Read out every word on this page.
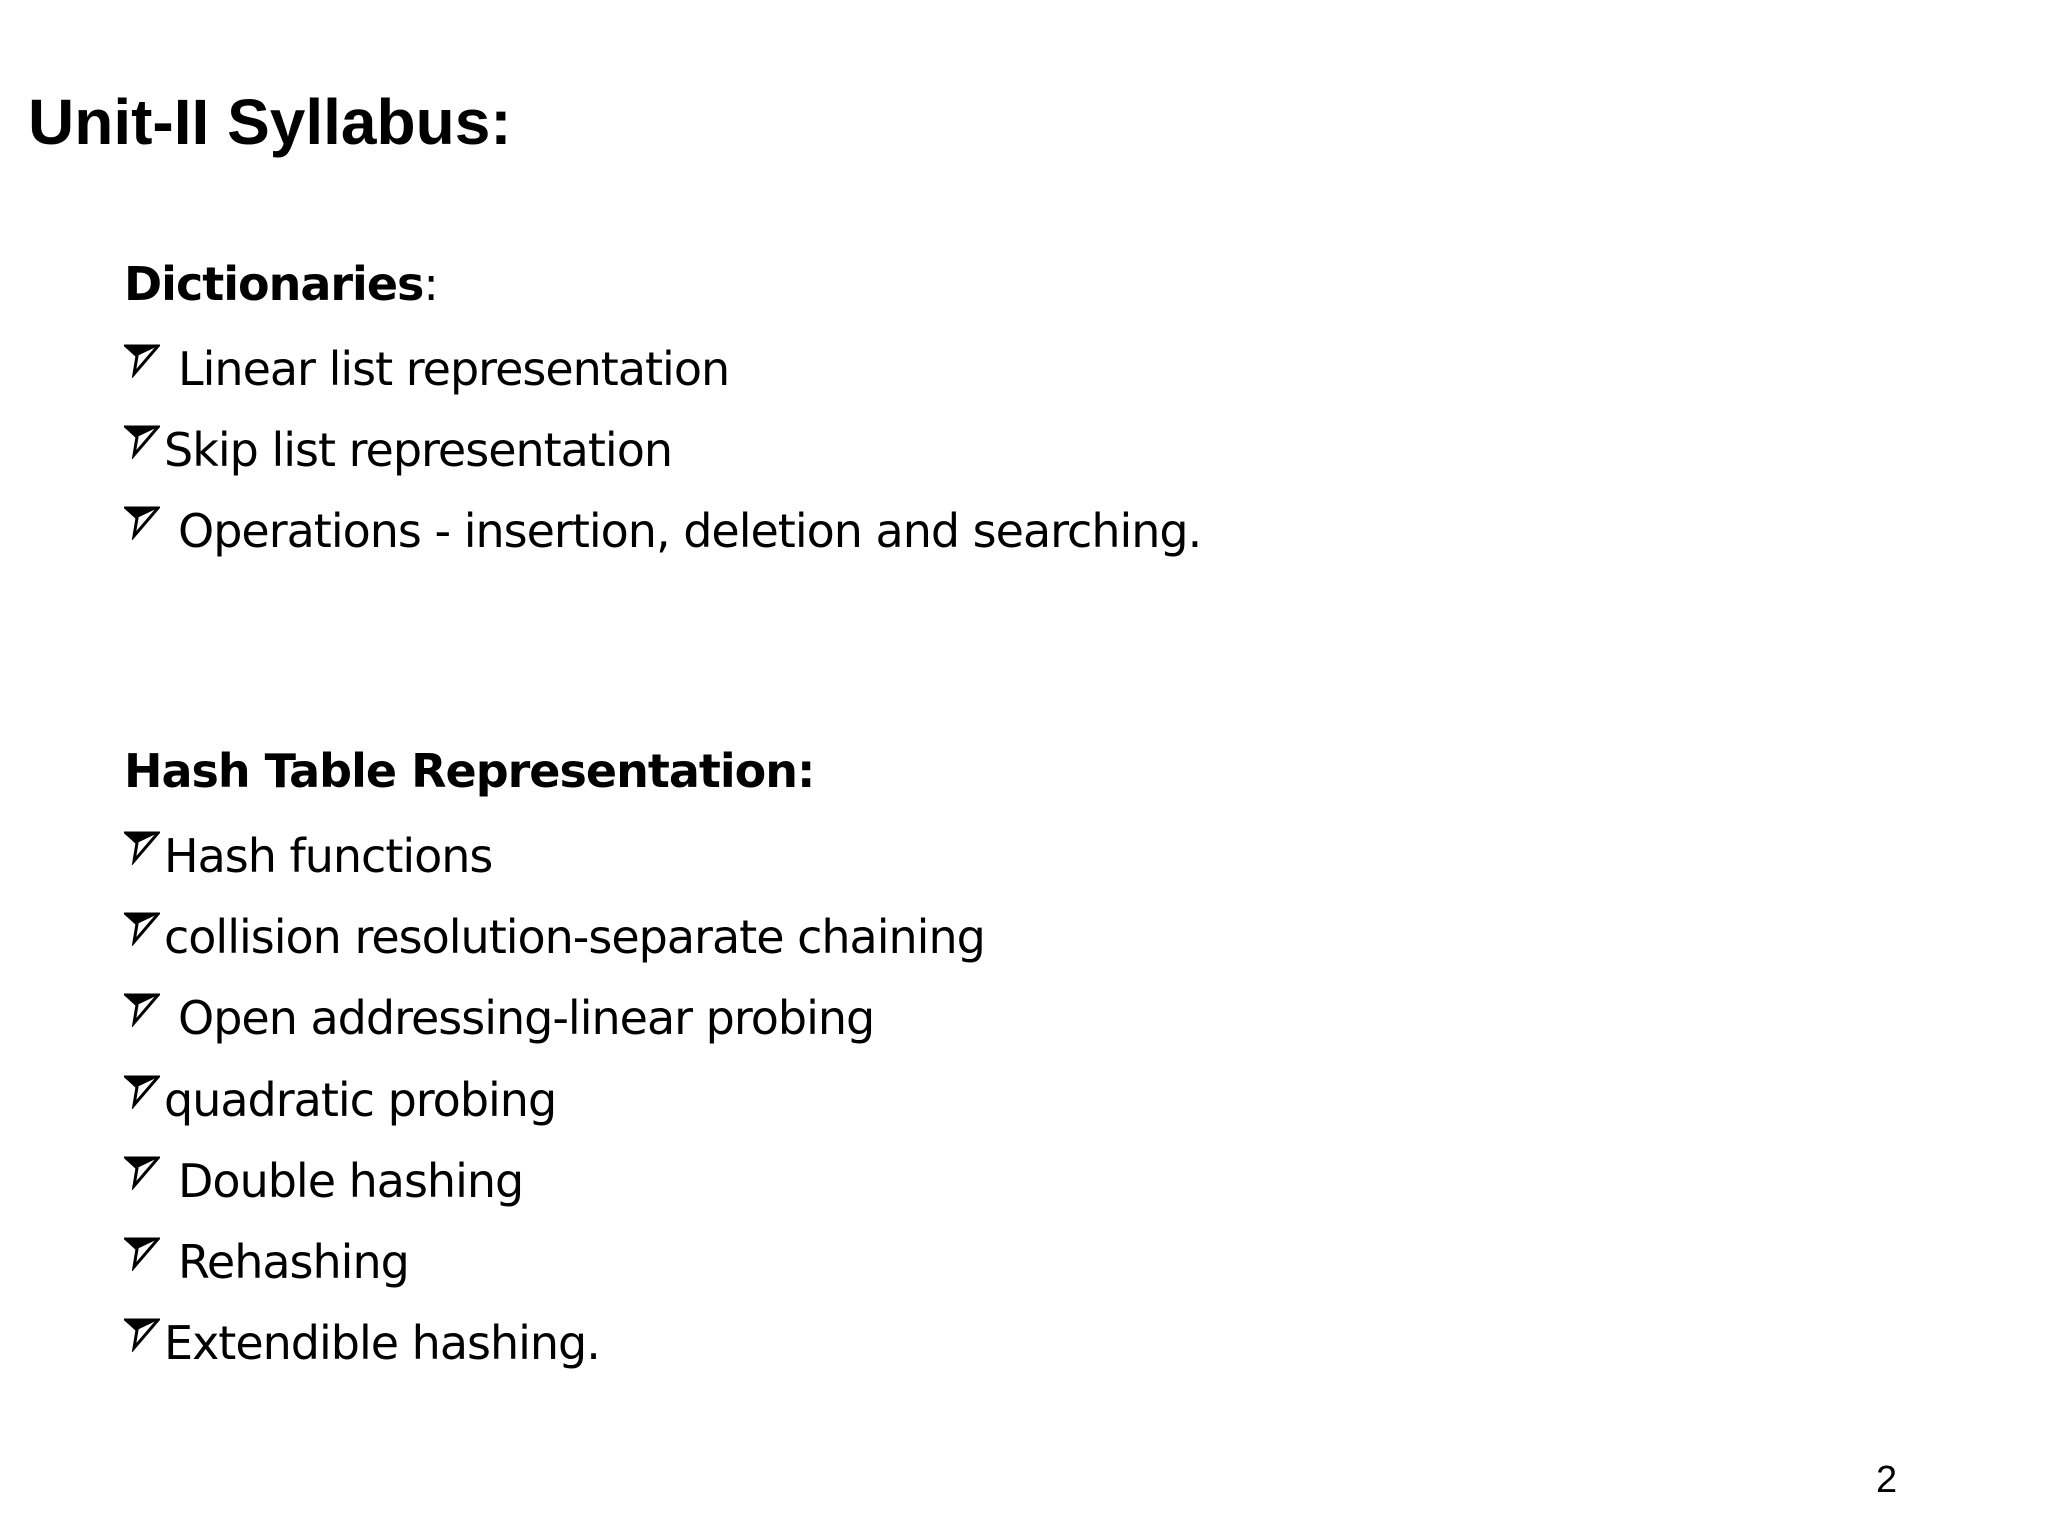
Unit-II Syllabus:
Dictionaries:
Linear list representation
Skip list representation
Operations - insertion, deletion and searching.
Hash Table Representation:
Hash functions
collision resolution-separate chaining
Open addressing-linear probing
quadratic probing
Double hashing
Rehashing
Extendible hashing.
2
